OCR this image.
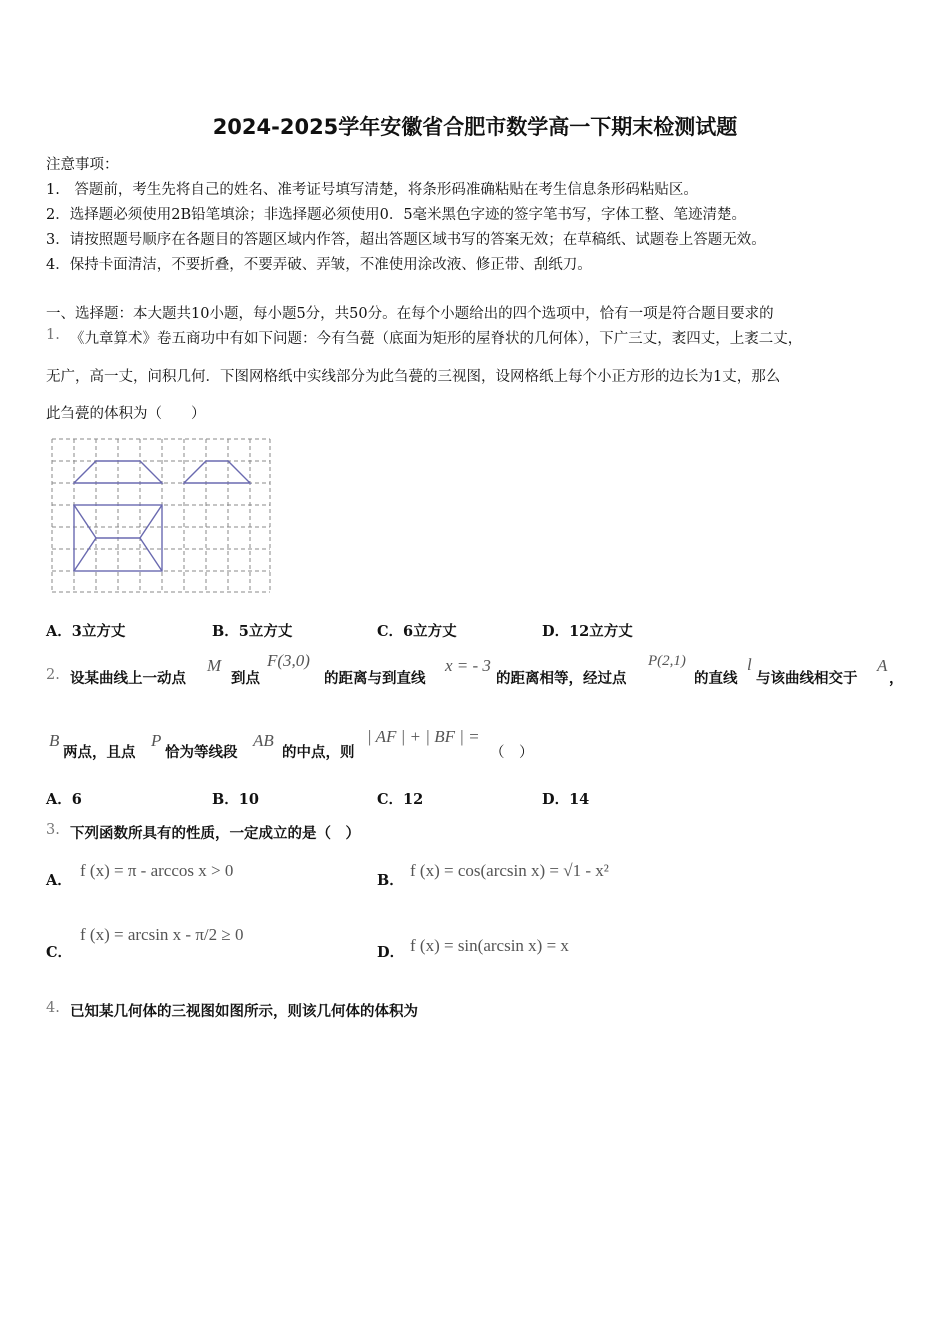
2024-2025学年安徽省合肥市数学高一下期末检测试题
注意事项：
1.　答题前，考生先将自己的姓名、准考证号填写清楚，将条形码准确粘贴在考生信息条形码粘贴区。
2．选择题必须使用2B铅笔填涂；非选择题必须使用0．5毫米黑色字迹的签字笔书写，字体工整、笔迹清楚。
3．请按照题号顺序在各题目的答题区域内作答，超出答题区域书写的答案无效；在草稿纸、试题卷上答题无效。
4．保持卡面清洁，不要折叠，不要弄破、弄皱，不准使用涂改液、修正带、刮纸刀。
一、选择题：本大题共10小题，每小题5分，共50分。在每个小题给出的四个选项中，恰有一项是符合题目要求的
1. 《九章算术》卷五商功中有如下问题：今有刍甍（底面为矩形的屋脊状的几何体），下广三丈，袤四丈，上袤二丈，
无广，高一丈，问积几何．下图网格纸中实线部分为此刍甍的三视图，设网格纸上每个小正方形的边长为1丈，那么
此刍甍的体积为（　　）
A．3立方丈	B．5立方丈	C．6立方丈	D．12立方丈
2. 设某曲线上一动点
M
到点
F(3,0)
的距离与到直线
x = - 3
的距离相等，经过点
P(2,1)
的直线
l
与该曲线相交于
A
，
B
两点，且点
P
恰为等线段
AB
的中点，则
| AF | + | BF | =
（　）
A．6	B．10	C．12	D．14
3. 下列函数所具有的性质，一定成立的是（　）
A．
f (x) = π - arccos x > 0
B．
f (x) = cos(arcsin x) = √1 - x²
C．
f (x) = arcsin x - π/2 ≥ 0
D． f (x) = sin(arcsin x) = x
4. 已知某几何体的三视图如图所示，则该几何体的体积为
